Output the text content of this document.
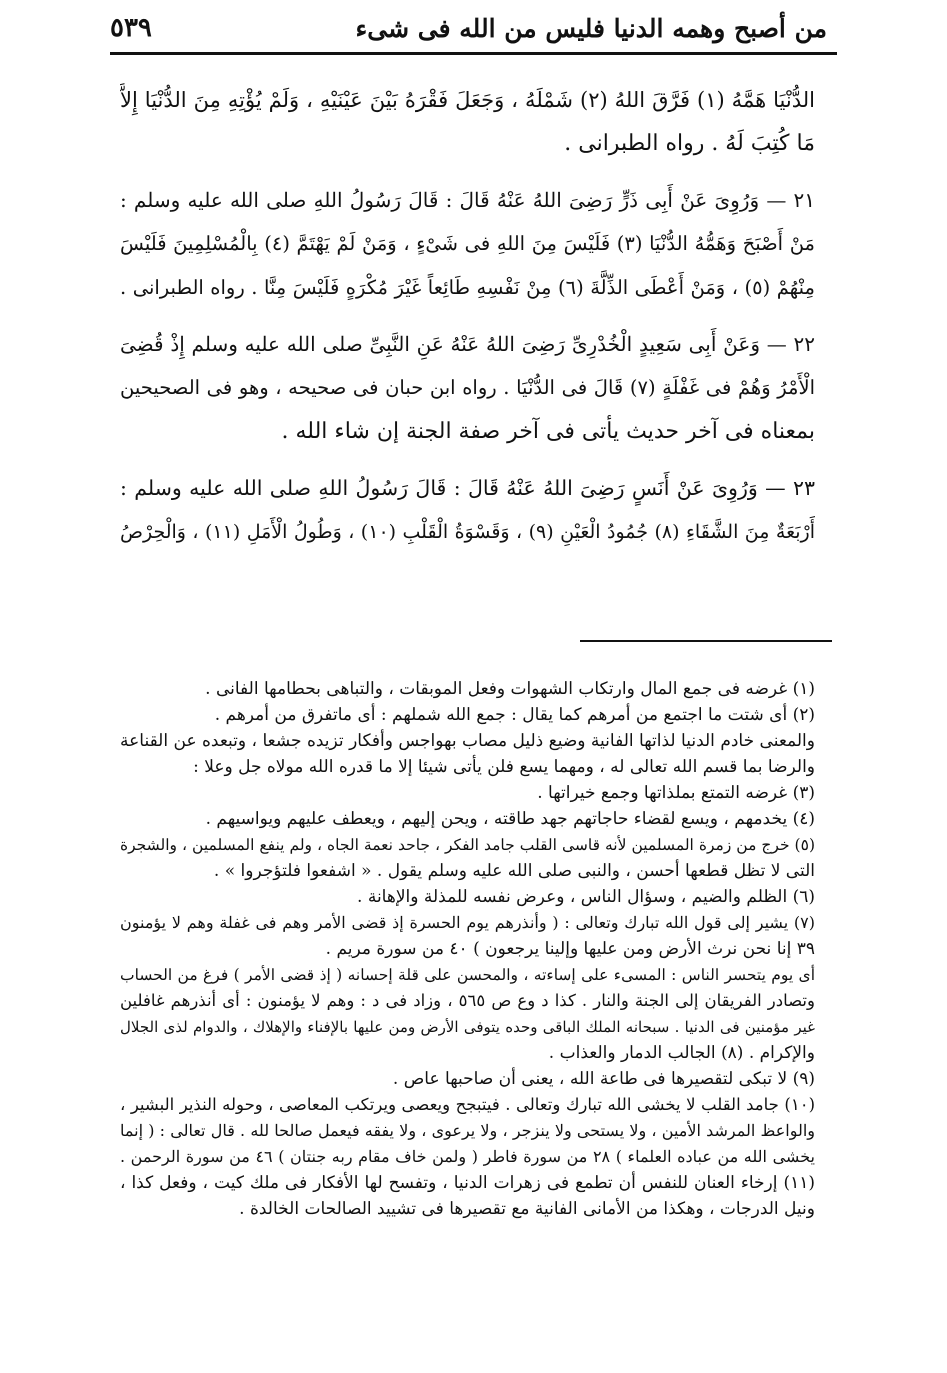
من أصبح وهمه الدنيا فليس من الله فى شىء
٥٣٩
الدُّنْيَا هَمَّهُ (١) فَرَّقَ اللهُ (٢) شَمْلَهُ ، وَجَعَلَ فَقْرَهُ بَيْنَ عَيْنَيْهِ ، وَلَمْ يُؤْتِهِ مِنَ الدُّنْيَا إِلاَّ
مَا كُتِبَ لَهُ . رواه الطبرانى .
٢١ — وَرُوِىَ عَنْ أَبِى ذَرٍّ رَضِىَ اللهُ عَنْهُ قَالَ : قَالَ رَسُولُ اللهِ صلى الله عليه وسلم :
مَنْ أَصْبَحَ وَهَمُّهُ الدُّنْيَا (٣) فَلَيْسَ مِنَ اللهِ فى شَىْءٍ ، وَمَنْ لَمْ يَهْتَمَّ (٤) بِالْمُسْلِمِينَ فَلَيْسَ
مِنْهُمْ (٥) ، وَمَنْ أَعْطَى الذِّلَّةَ (٦) مِنْ نَفْسِهِ طَائِعاً غَيْرَ مُكْرَهٍ فَلَيْسَ مِنَّا . رواه الطبرانى .
٢٢ — وَعَنْ أَبِى سَعِيدٍ الْخُدْرِىِّ رَضِىَ اللهُ عَنْهُ عَنِ النَّبِىِّ صلى الله عليه وسلم إِذْ قُضِىَ
الْأَمْرُ وَهُمْ فى غَفْلَةٍ (٧) قَالَ فى الدُّنْيَا . رواه ابن حبان فى صحيحه ، وهو فى الصحيحين
بمعناه فى آخر حديث يأتى فى آخر صفة الجنة إن شاء الله .
٢٣ — وَرُوِىَ عَنْ أَنَسٍ رَضِىَ اللهُ عَنْهُ قَالَ : قَالَ رَسُولُ اللهِ صلى الله عليه وسلم :
أَرْبَعَةٌ مِنَ الشَّقَاءِ (٨) جُمُودُ الْعَيْنِ (٩) ، وَقَسْوَةُ الْقَلْبِ (١٠) ، وَطُولُ الْأَمَلِ (١١) ، وَالْحِرْصُ
(١) غرضه فى جمع المال وارتكاب الشهوات وفعل الموبقات ، والتباهى بحطامها الفانى .
(٢) أى شتت ما اجتمع من أمرهم كما يقال : جمع الله شملهم : أى ماتفرق من أمرهم .
والمعنى خادم الدنيا لذاتها الفانية وضيع ذليل مصاب بهواجس وأفكار تزيده جشعا ، وتبعده عن القناعة
والرضا بما قسم الله تعالى له ، ومهما يسع فلن يأتى شيئا إلا ما قدره الله مولاه جل وعلا :
(٣) غرضه التمتع بملذاتها وجمع خيراتها .
(٤) يخدمهم ، ويسع لقضاء حاجاتهم جهد طاقته ، ويحن إليهم ، ويعطف عليهم ويواسيهم .
(٥) خرج من زمرة المسلمين لأنه قاسى القلب جامد الفكر ، جاحد نعمة الجاه ، ولم ينفع المسلمين ، والشجرة
التى لا تظل قطعها أحسن ، والنبى صلى الله عليه وسلم يقول . « اشفعوا فلتؤجروا » .
(٦) الظلم والضيم ، وسؤال الناس ، وعرض نفسه للمذلة والإهانة .
(٧) يشير إلى قول الله تبارك وتعالى : ( وأنذرهم يوم الحسرة إذ قضى الأمر وهم فى غفلة وهم لا يؤمنون
٣٩ إنا نحن نرث الأرض ومن عليها وإلينا يرجعون ) ٤٠ من سورة مريم .
أى يوم يتحسر الناس : المسىء على إساءته ، والمحسن على قلة إحسانه ( إذ قضى الأمر ) فرغ من الحساب
وتصادر الفريقان إلى الجنة والنار . كذا د وع ص ٥٦٥ ، وزاد فى د : وهم لا يؤمنون : أى أنذرهم غافلين
غير مؤمنين فى الدنيا . سبحانه الملك الباقى وحده يتوفى الأرض ومن عليها بالإفناء والإهلاك ، والدوام لذى الجلال
والإكرام . (٨) الجالب الدمار والعذاب .
(٩) لا تبكى لتقصيرها فى طاعة الله ، يعنى أن صاحبها عاص .
(١٠) جامد القلب لا يخشى الله تبارك وتعالى . فيتبجح ويعصى ويرتكب المعاصى ، وحوله النذير البشير ،
والواعظ المرشد الأمين ، ولا يستحى ولا ينزجر ، ولا يرعوى ، ولا يفقه فيعمل صالحا لله . قال تعالى : ( إنما
يخشى الله من عباده العلماء ) ٢٨ من سورة فاطر ( ولمن خاف مقام ربه جنتان ) ٤٦ من سورة الرحمن .
(١١) إرخاء العنان للنفس أن تطمع فى زهرات الدنيا ، وتفسح لها الأفكار فى ملك كيت ، وفعل كذا ،
ونيل الدرجات ، وهكذا من الأمانى الفانية مع تقصيرها فى تشييد الصالحات الخالدة .
